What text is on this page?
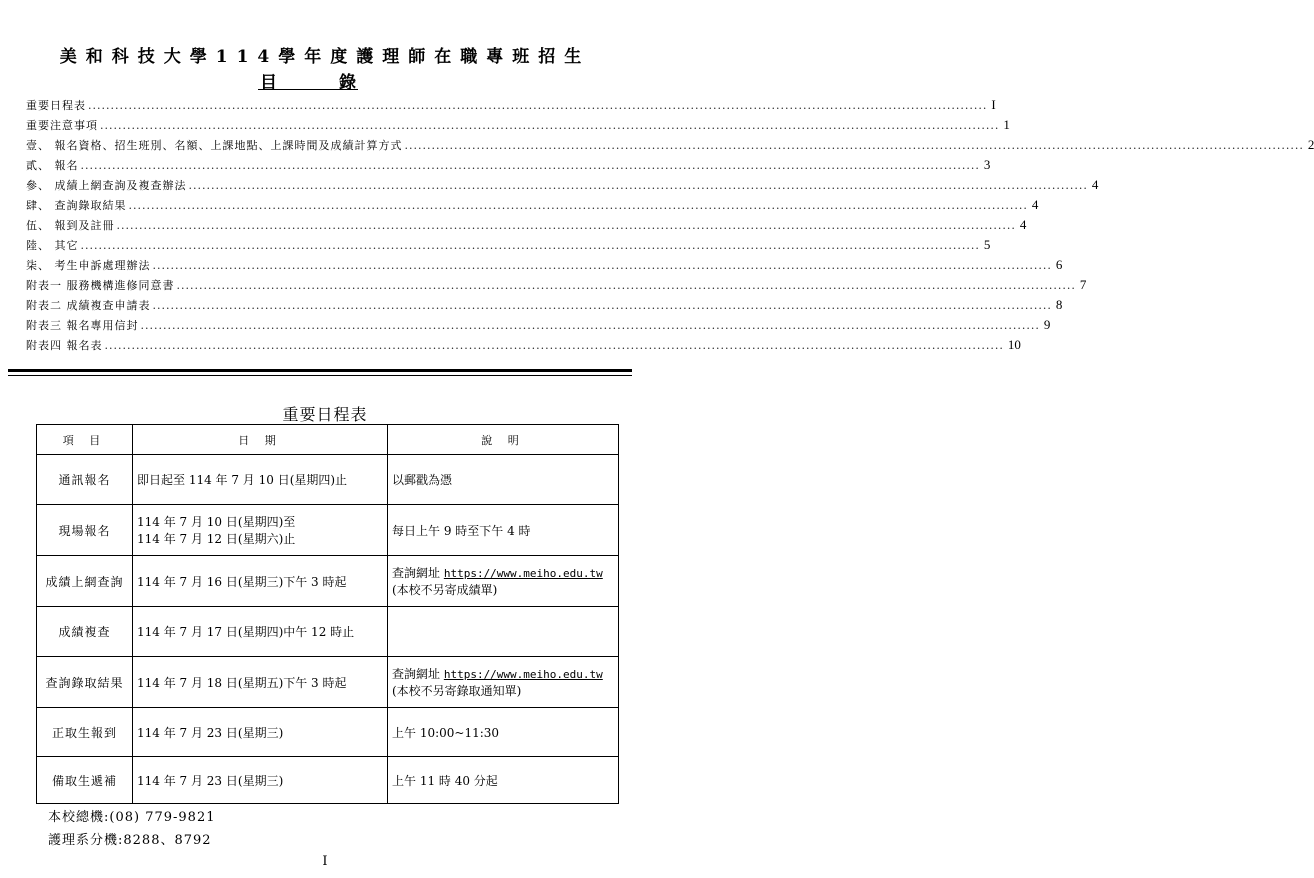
美和科技大學114學年度護理師在職專班招生
目	錄
重要日程表 ........................................................................................................................................................................................................ I
重要注意事項 ........................................................................................................................................................................................................ 1
壹、 報名資格、招生班別、名額、上課地點、上課時間及成績計算方式 ........................................................................................................................................................................................................ 2
貳、 報名 ........................................................................................................................................................................................................ 3
參、 成績上網查詢及複查辦法 ........................................................................................................................................................................................................ 4
肆、 查詢錄取結果 ........................................................................................................................................................................................................ 4
伍、 報到及註冊 ........................................................................................................................................................................................................ 4
陸、 其它 ........................................................................................................................................................................................................ 5
柒、 考生申訴處理辦法 ........................................................................................................................................................................................................ 6
附表一 服務機構進修同意書 ........................................................................................................................................................................................................ 7
附表二 成績複查申請表 ........................................................................................................................................................................................................ 8
附表三 報名專用信封 ........................................................................................................................................................................................................ 9
附表四 報名表 ........................................................................................................................................................................................................ 10
重要日程表
項 目	日 期	說 明
通訊報名	即日起至 114 年 7 月 10 日(星期四)止	以郵戳為憑

現場報名	114 年 7 月 10 日(星期四)至
114 年 7 月 12 日(星期六)止	每日上午 9 時至下午 4 時

成績上網查詢	114 年 7 月 16 日(星期三)下午 3 時起	查詢網址 https://www.meiho.edu.tw
(本校不另寄成績單)

成績複查	114 年 7 月 17 日(星期四)中午 12 時止	

查詢錄取結果	114 年 7 月 18 日(星期五)下午 3 時起	查詢網址 https://www.meiho.edu.tw
(本校不另寄錄取通知單)

正取生報到	114 年 7 月 23 日(星期三)	上午 10:00~11:30

備取生遞補	114 年 7 月 23 日(星期三)	上午 11 時 40 分起
本校總機:(08) 779-9821
護理系分機:8288、8792
I
